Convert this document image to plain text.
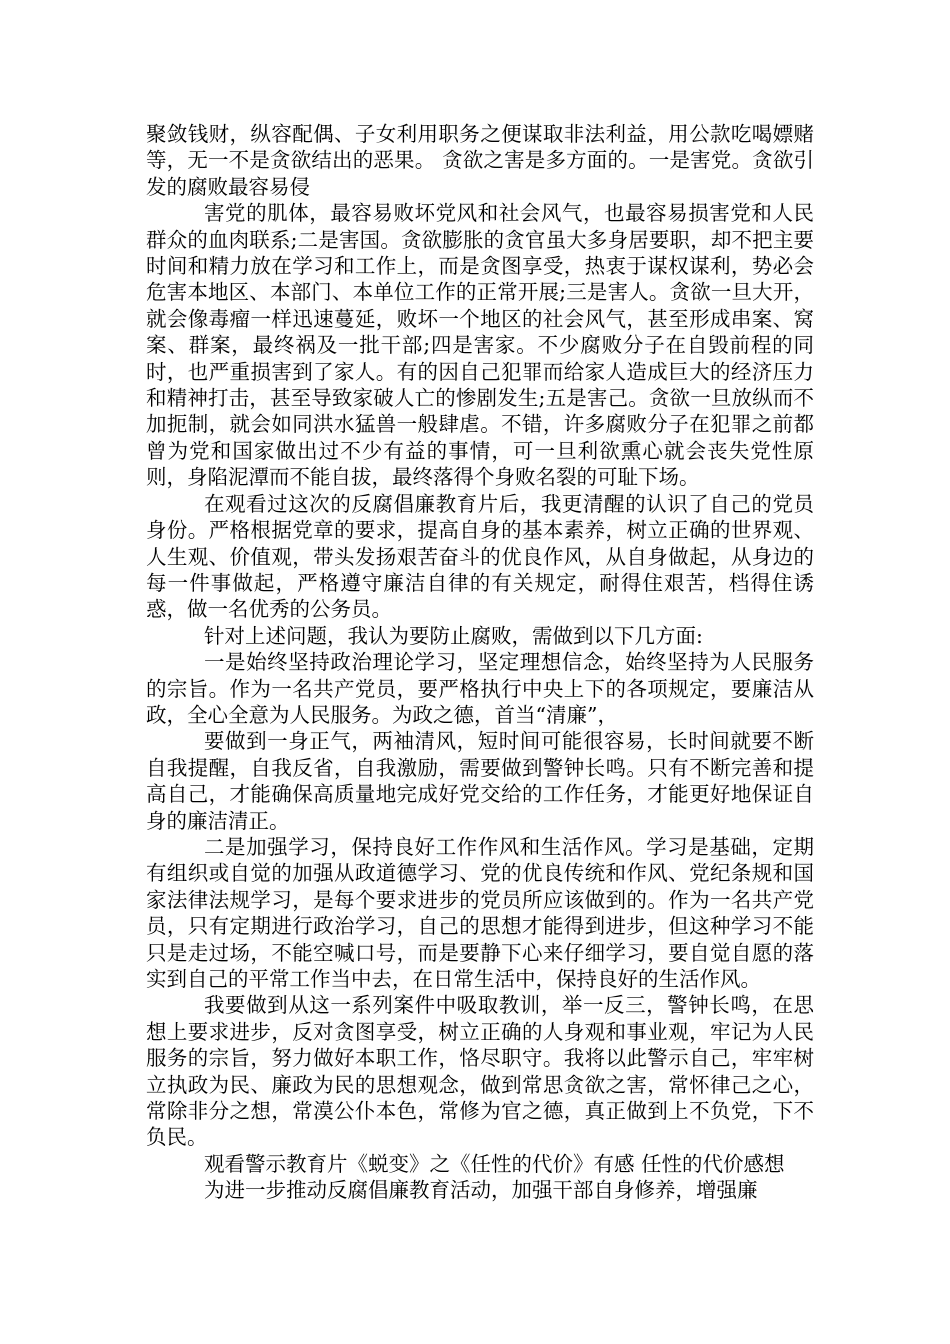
聚敛钱财，纵容配偶、子女利用职务之便谋取非法利益，用公款吃喝嫖赌等，无一不是贪欲结出的恶果。 贪欲之害是多方面的。一是害党。贪欲引发的腐败最容易侵

害党的肌体，最容易败坏党风和社会风气，也最容易损害党和人民群众的血肉联系;二是害国。贪欲膨胀的贪官虽大多身居要职，却不把主要时间和精力放在学习和工作上，而是贪图享受，热衷于谋权谋利，势必会危害本地区、本部门、本单位工作的正常开展;三是害人。贪欲一旦大开，就会像毒瘤一样迅速蔓延，败坏一个地区的社会风气，甚至形成串案、窝案、群案，最终祸及一批干部;四是害家。不少腐败分子在自毁前程的同时，也严重损害到了家人。有的因自己犯罪而给家人造成巨大的经济压力和精神打击，甚至导致家破人亡的惨剧发生;五是害己。贪欲一旦放纵而不加扼制，就会如同洪水猛兽一般肆虐。不错，许多腐败分子在犯罪之前都曾为党和国家做出过不少有益的事情，可一旦利欲熏心就会丧失党性原则，身陷泥潭而不能自拔，最终落得个身败名裂的可耻下场。

在观看过这次的反腐倡廉教育片后，我更清醒的认识了自己的党员身份。严格根据党章的要求，提高自身的基本素养，树立正确的世界观、人生观、价值观，带头发扬艰苦奋斗的优良作风，从自身做起，从身边的每一件事做起，严格遵守廉洁自律的有关规定，耐得住艰苦，档得住诱惑，做一名优秀的公务员。

针对上述问题，我认为要防止腐败，需做到以下几方面:

一是始终坚持政治理论学习，坚定理想信念，始终坚持为人民服务的宗旨。作为一名共产党员，要严格执行中央上下的各项规定，要廉洁从政，全心全意为人民服务。为政之德，首当“清廉”，

要做到一身正气，两袖清风，短时间可能很容易，长时间就要不断自我提醒，自我反省，自我激励，需要做到警钟长鸣。只有不断完善和提高自己，才能确保高质量地完成好党交给的工作任务，才能更好地保证自身的廉洁清正。

二是加强学习，保持良好工作作风和生活作风。学习是基础，定期有组织或自觉的加强从政道德学习、党的优良传统和作风、党纪条规和国家法律法规学习，是每个要求进步的党员所应该做到的。作为一名共产党员，只有定期进行政治学习，自己的思想才能得到进步，但这种学习不能只是走过场，不能空喊口号，而是要静下心来仔细学习，要自觉自愿的落实到自己的平常工作当中去，在日常生活中，保持良好的生活作风。

我要做到从这一系列案件中吸取教训，举一反三，警钟长鸣，在思想上要求进步，反对贪图享受，树立正确的人身观和事业观，牢记为人民服务的宗旨，努力做好本职工作，恪尽职守。我将以此警示自己，牢牢树立执政为民、廉政为民的思想观念，做到常思贪欲之害，常怀律己之心，常除非分之想，常漠公仆本色，常修为官之德，真正做到上不负党，下不负民。

观看警示教育片《蜕变》之《任性的代价》有感 任性的代价感想

为进一步推动反腐倡廉教育活动，加强干部自身修养，增强廉
